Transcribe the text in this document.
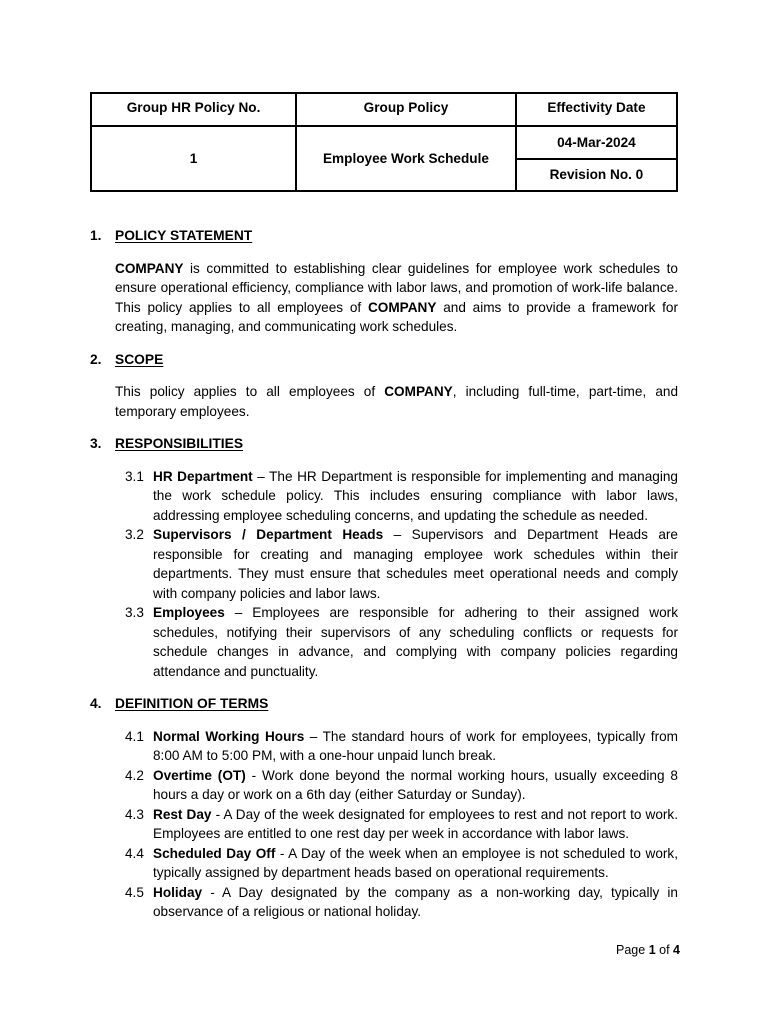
Group HR Policy No.	Group Policy	Effectivity Date
1	Employee Work Schedule	04-Mar-2024
Revision No. 0
1. POLICY STATEMENT
COMPANY is committed to establishing clear guidelines for employee work schedules to ensure operational efficiency, compliance with labor laws, and promotion of work-life balance. This policy applies to all employees of COMPANY and aims to provide a framework for creating, managing, and communicating work schedules.
2. SCOPE
This policy applies to all employees of COMPANY, including full-time, part-time, and temporary employees.
3. RESPONSIBILITIES
3.1 HR Department – The HR Department is responsible for implementing and managing the work schedule policy. This includes ensuring compliance with labor laws, addressing employee scheduling concerns, and updating the schedule as needed.
3.2 Supervisors / Department Heads – Supervisors and Department Heads are responsible for creating and managing employee work schedules within their departments. They must ensure that schedules meet operational needs and comply with company policies and labor laws.
3.3 Employees – Employees are responsible for adhering to their assigned work schedules, notifying their supervisors of any scheduling conflicts or requests for schedule changes in advance, and complying with company policies regarding attendance and punctuality.
4. DEFINITION OF TERMS
4.1 Normal Working Hours – The standard hours of work for employees, typically from 8:00 AM to 5:00 PM, with a one-hour unpaid lunch break.
4.2 Overtime (OT) - Work done beyond the normal working hours, usually exceeding 8 hours a day or work on a 6th day (either Saturday or Sunday).
4.3 Rest Day - A Day of the week designated for employees to rest and not report to work. Employees are entitled to one rest day per week in accordance with labor laws.
4.4 Scheduled Day Off - A Day of the week when an employee is not scheduled to work, typically assigned by department heads based on operational requirements.
4.5 Holiday - A Day designated by the company as a non-working day, typically in observance of a religious or national holiday.
Page 1 of 4
